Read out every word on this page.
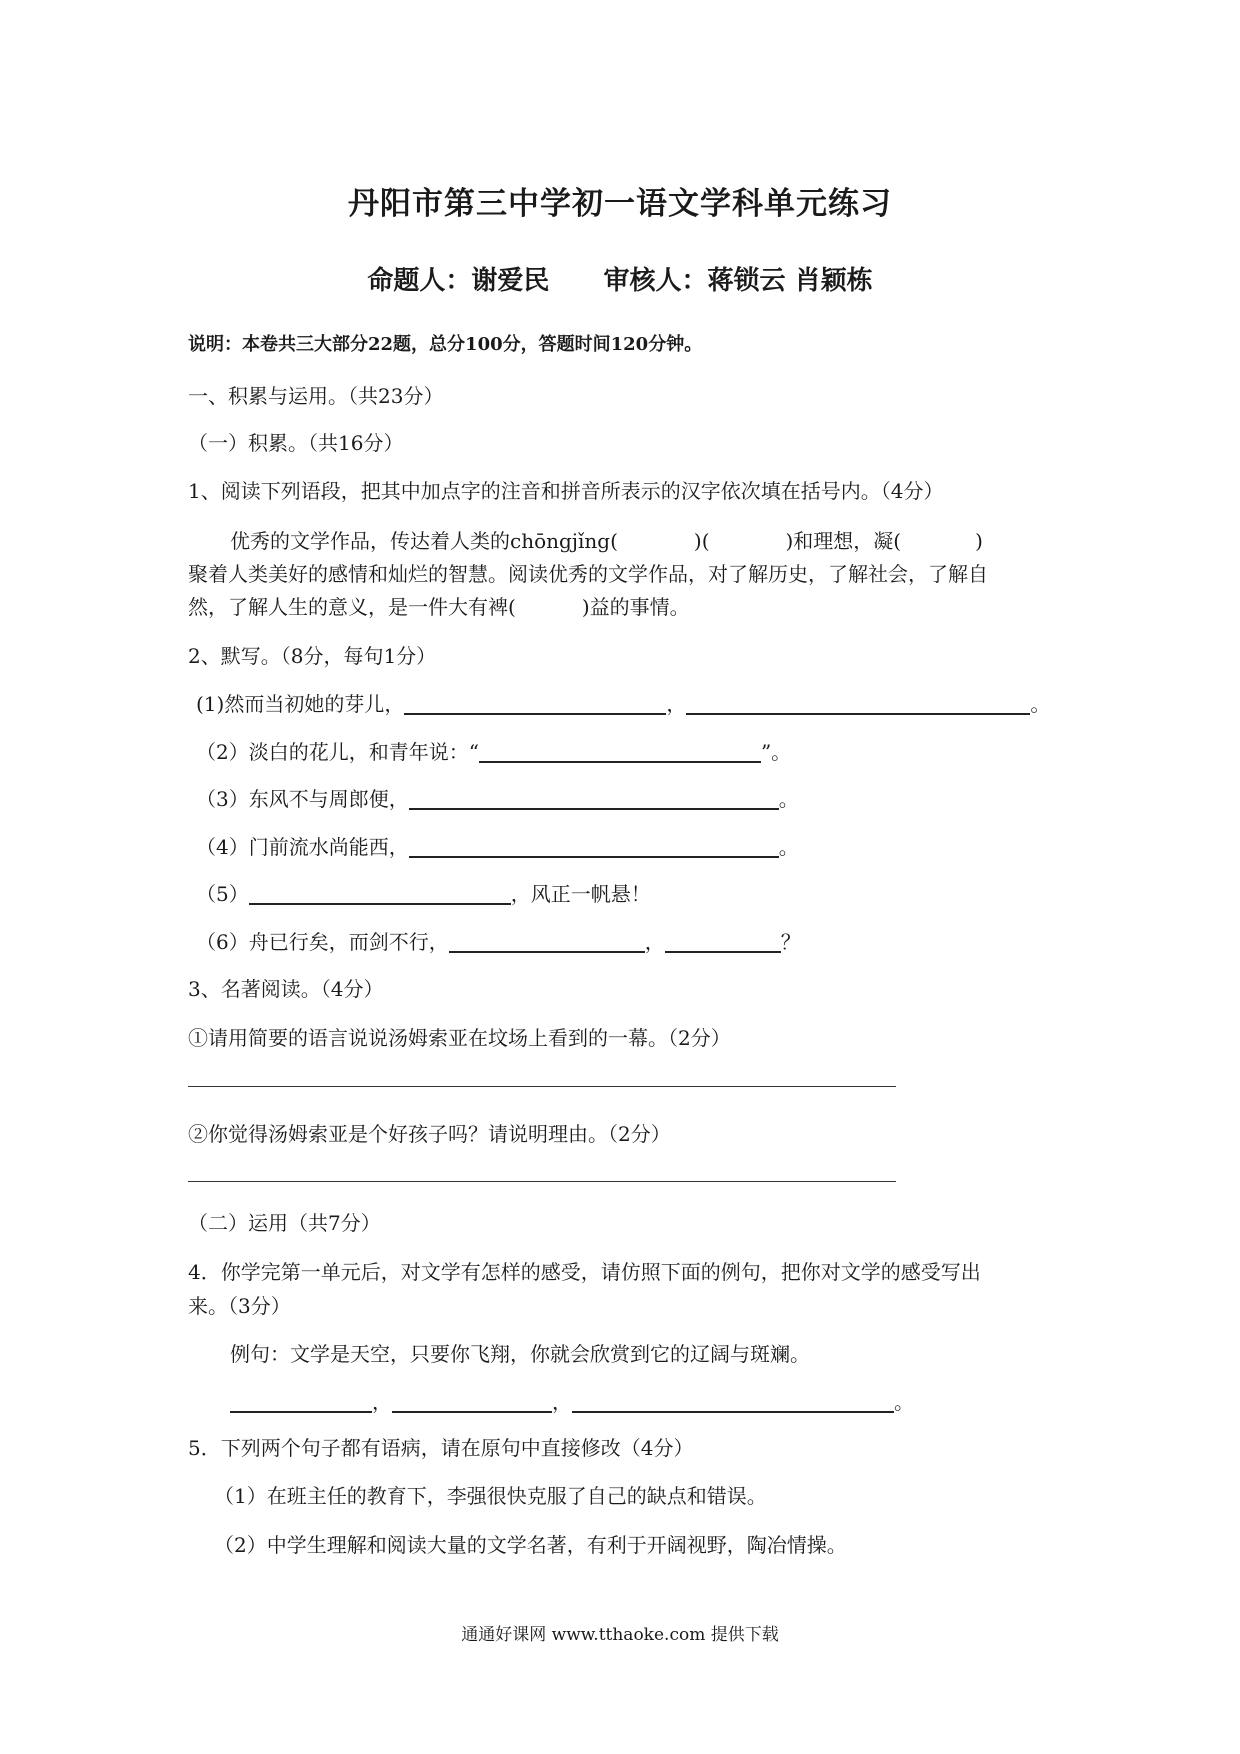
丹阳市第三中学初一语文学科单元练习
命题人：谢爱民 审核人：蒋锁云 肖颖栋
说明：本卷共三大部分22题，总分100分，答题时间120分钟。
一、积累与运用。（共23分）
（一）积累。（共16分）
1、阅读下列语段，把其中加点字的注音和拼音所表示的汉字依次填在括号内。（4分）
优秀的文学作品，传达着人类的chōngjǐng(	)(	)和理想，凝(	)
聚着人类美好的感情和灿烂的智慧。阅读优秀的文学作品，对了解历史，了解社会，了解自
然，了解人生的意义，是一件大有裨(	)益的事情。
2、默写。（8分，每句1分）
(1)然而当初她的芽儿，	，	。
（2）淡白的花儿，和青年说：“	”。
（3）东风不与周郎便，	。
（4）门前流水尚能西，	。
（5）	，风正一帆悬！
（6）舟已行矣，而剑不行，	，	？
3、名著阅读。（4分）
①请用简要的语言说说汤姆索亚在坟场上看到的一幕。（2分）
②你觉得汤姆索亚是个好孩子吗？请说明理由。（2分）
（二）运用（共7分）
4．你学完第一单元后，对文学有怎样的感受，请仿照下面的例句，把你对文学的感受写出
来。（3分）
例句：文学是天空，只要你飞翔，你就会欣赏到它的辽阔与斑斓。
，	，	。
5．下列两个句子都有语病，请在原句中直接修改（4分）
（1）在班主任的教育下，李强很快克服了自己的缺点和错误。
（2）中学生理解和阅读大量的文学名著，有利于开阔视野，陶冶情操。
通通好课网 www.tthaoke.com 提供下载
